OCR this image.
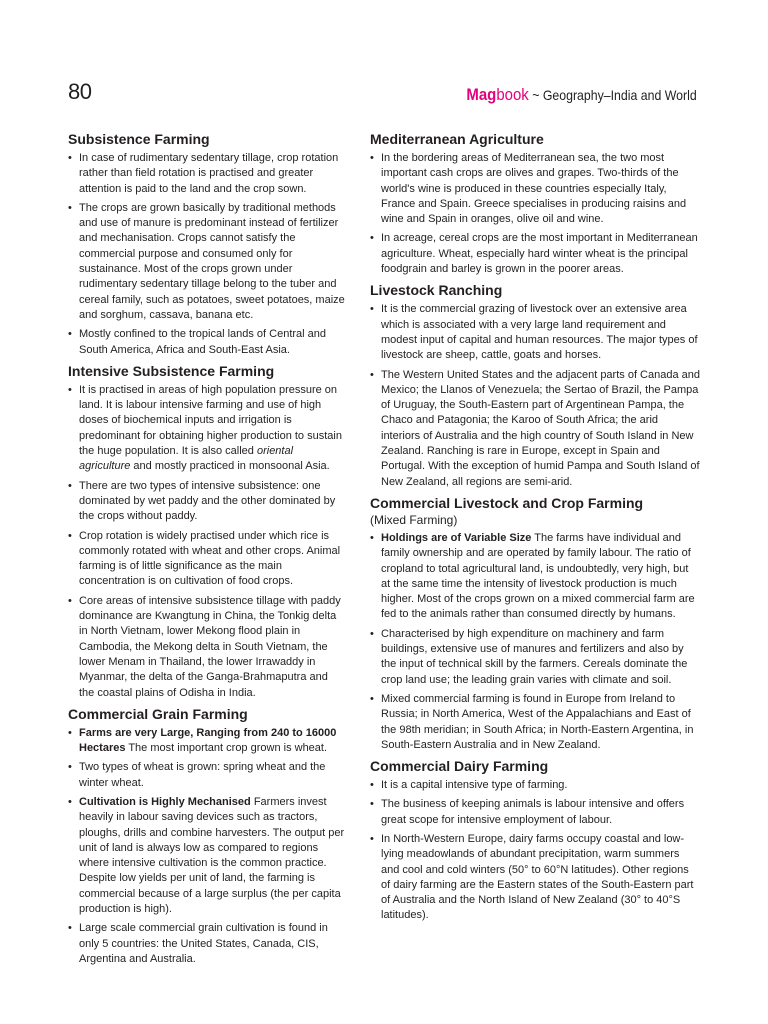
80	Magbook ~ Geography–India and World
Subsistence Farming
• In case of rudimentary sedentary tillage, crop rotation rather than field rotation is practised and greater attention is paid to the land and the crop sown.
• The crops are grown basically by traditional methods and use of manure is predominant instead of fertilizer and mechanisation. Crops cannot satisfy the commercial purpose and consumed only for sustainance. Most of the crops grown under rudimentary sedentary tillage belong to the tuber and cereal family, such as potatoes, sweet potatoes, maize and sorghum, cassava, banana etc.
• Mostly confined to the tropical lands of Central and South America, Africa and South-East Asia.
Intensive Subsistence Farming
• It is practised in areas of high population pressure on land. It is labour intensive farming and use of high doses of biochemical inputs and irrigation is predominant for obtaining higher production to sustain the huge population. It is also called oriental agriculture and mostly practiced in monsoonal Asia.
• There are two types of intensive subsistence: one dominated by wet paddy and the other dominated by the crops without paddy.
• Crop rotation is widely practised under which rice is commonly rotated with wheat and other crops. Animal farming is of little significance as the main concentration is on cultivation of food crops.
• Core areas of intensive subsistence tillage with paddy dominance are Kwangtung in China, the Tonkig delta in North Vietnam, lower Mekong flood plain in Cambodia, the Mekong delta in South Vietnam, the lower Menam in Thailand, the lower Irrawaddy in Myanmar, the delta of the Ganga-Brahmaputra and the coastal plains of Odisha in India.
Commercial Grain Farming
• Farms are very Large, Ranging from 240 to 16000 Hectares The most important crop grown is wheat.
• Two types of wheat is grown: spring wheat and the winter wheat.
• Cultivation is Highly Mechanised Farmers invest heavily in labour saving devices such as tractors, ploughs, drills and combine harvesters. The output per unit of land is always low as compared to regions where intensive cultivation is the common practice. Despite low yields per unit of land, the farming is commercial because of a large surplus (the per capita production is high).
• Large scale commercial grain cultivation is found in only 5 countries: the United States, Canada, CIS, Argentina and Australia.
Mediterranean Agriculture
• In the bordering areas of Mediterranean sea, the two most important cash crops are olives and grapes. Two-thirds of the world's wine is produced in these countries especially Italy, France and Spain. Greece specialises in producing raisins and wine and Spain in oranges, olive oil and wine.
• In acreage, cereal crops are the most important in Mediterranean agriculture. Wheat, especially hard winter wheat is the principal foodgrain and barley is grown in the poorer areas.
Livestock Ranching
• It is the commercial grazing of livestock over an extensive area which is associated with a very large land requirement and modest input of capital and human resources. The major types of livestock are sheep, cattle, goats and horses.
• The Western United States and the adjacent parts of Canada and Mexico; the Llanos of Venezuela; the Sertao of Brazil, the Pampa of Uruguay, the South-Eastern part of Argentinean Pampa, the Chaco and Patagonia; the Karoo of South Africa; the arid interiors of Australia and the high country of South Island in New Zealand. Ranching is rare in Europe, except in Spain and Portugal. With the exception of humid Pampa and South Island of New Zealand, all regions are semi-arid.
Commercial Livestock and Crop Farming
(Mixed Farming)
• Holdings are of Variable Size The farms have individual and family ownership and are operated by family labour. The ratio of cropland to total agricultural land, is undoubtedly, very high, but at the same time the intensity of livestock production is much higher. Most of the crops grown on a mixed commercial farm are fed to the animals rather than consumed directly by humans.
• Characterised by high expenditure on machinery and farm buildings, extensive use of manures and fertilizers and also by the input of technical skill by the farmers. Cereals dominate the crop land use; the leading grain varies with climate and soil.
• Mixed commercial farming is found in Europe from Ireland to Russia; in North America, West of the Appalachians and East of the 98th meridian; in South Africa; in North-Eastern Argentina, in South-Eastern Australia and in New Zealand.
Commercial Dairy Farming
• It is a capital intensive type of farming.
• The business of keeping animals is labour intensive and offers great scope for intensive employment of labour.
• In North-Western Europe, dairy farms occupy coastal and low-lying meadowlands of abundant precipitation, warm summers and cool and cold winters (50° to 60°N latitudes). Other regions of dairy farming are the Eastern states of the South-Eastern part of Australia and the North Island of New Zealand (30° to 40°S latitudes).
